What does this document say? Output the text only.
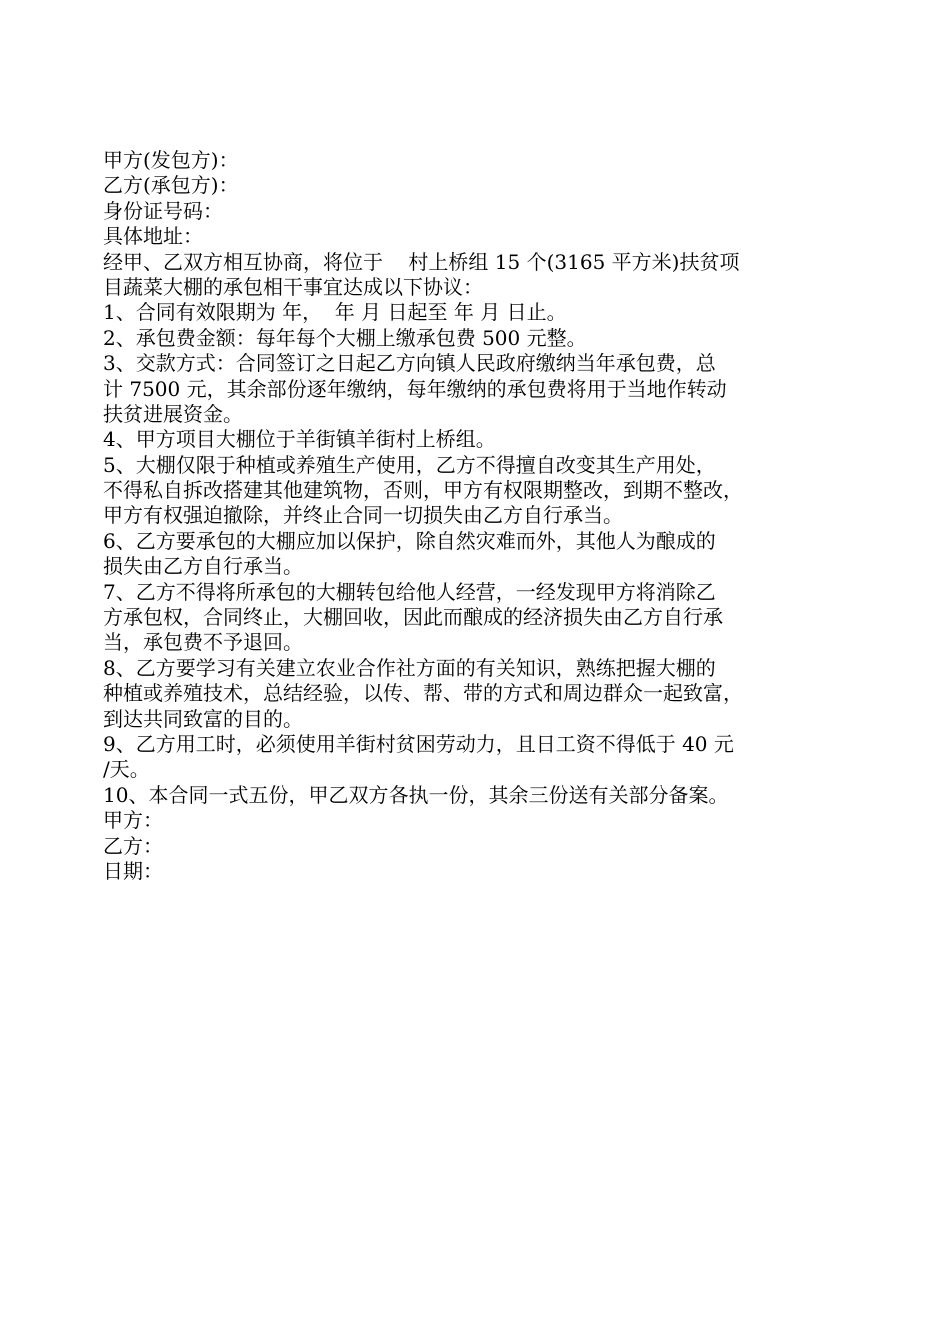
甲方(发包方)：

乙方(承包方)：

身份证号码：

具体地址：

经甲、乙双方相互协商，将位于    村上桥组 15 个(3165 平方米)扶贫项

目蔬菜大棚的承包相干事宜达成以下协议：

1、合同有效限期为 年，  年 月 日起至 年 月 日止。

2、承包费金额：每年每个大棚上缴承包费 500 元整。

3、交款方式：合同签订之日起乙方向镇人民政府缴纳当年承包费，总

计 7500 元，其余部份逐年缴纳，每年缴纳的承包费将用于当地作转动

扶贫进展资金。

4、甲方项目大棚位于羊街镇羊街村上桥组。

5、大棚仅限于种植或养殖生产使用，乙方不得擅自改变其生产用处，

不得私自拆改搭建其他建筑物，否则，甲方有权限期整改，到期不整改，

甲方有权强迫撤除，并终止合同一切损失由乙方自行承当。

6、乙方要承包的大棚应加以保护，除自然灾难而外，其他人为酿成的

损失由乙方自行承当。

7、乙方不得将所承包的大棚转包给他人经营，一经发现甲方将消除乙

方承包权，合同终止，大棚回收，因此而酿成的经济损失由乙方自行承

当，承包费不予退回。

8、乙方要学习有关建立农业合作社方面的有关知识，熟练把握大棚的

种植或养殖技术，总结经验，以传、帮、带的方式和周边群众一起致富，

到达共同致富的目的。

9、乙方用工时，必须使用羊街村贫困劳动力，且日工资不得低于 40 元

/天。

10、本合同一式五份，甲乙双方各执一份，其余三份送有关部分备案。

甲方：

乙方：

日期：
